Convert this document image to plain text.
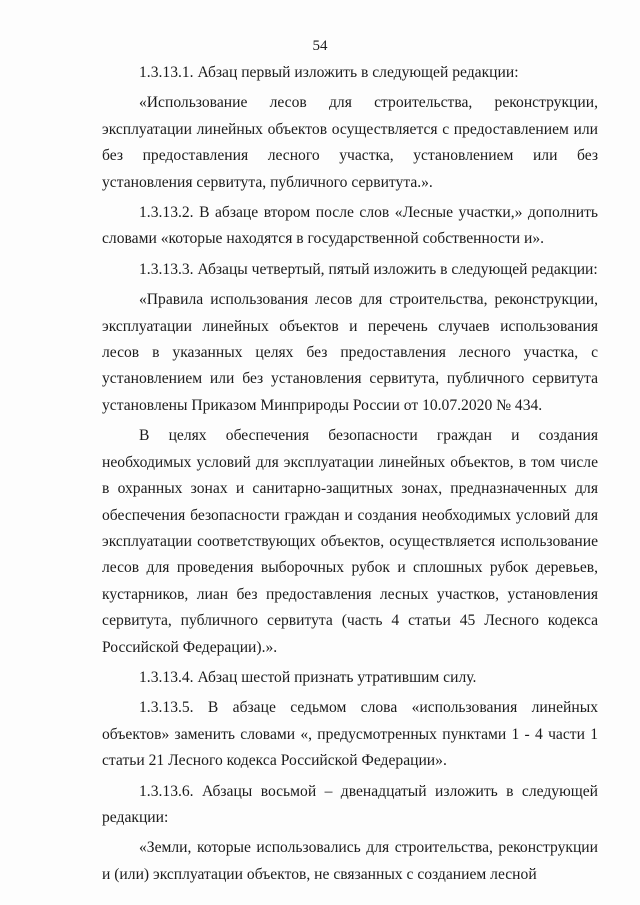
54

1.3.13.1. Абзац первый изложить в следующей редакции:

«Использование лесов для строительства, реконструкции, эксплуатации линейных объектов осуществляется с предоставлением или без предоставления лесного участка, установлением или без установления сервитута, публичного сервитута.».

1.3.13.2. В абзаце втором после слов «Лесные участки,» дополнить словами «которые находятся в государственной собственности и».

1.3.13.3. Абзацы четвертый, пятый изложить в следующей редакции:

«Правила использования лесов для строительства, реконструкции, эксплуатации линейных объектов и перечень случаев использования лесов в указанных целях без предоставления лесного участка, с установлением или без установления сервитута, публичного сервитута установлены Приказом Минприроды России от 10.07.2020 № 434.

В целях обеспечения безопасности граждан и создания необходимых условий для эксплуатации линейных объектов, в том числе в охранных зонах и санитарно-защитных зонах, предназначенных для обеспечения безопасности граждан и создания необходимых условий для эксплуатации соответствующих объектов, осуществляется использование лесов для проведения выборочных рубок и сплошных рубок деревьев, кустарников, лиан без предоставления лесных участков, установления сервитута, публичного сервитута (часть 4 статьи 45 Лесного кодекса Российской Федерации).».

1.3.13.4. Абзац шестой признать утратившим силу.

1.3.13.5. В абзаце седьмом слова «использования линейных объектов» заменить словами «, предусмотренных пунктами 1 - 4 части 1 статьи 21 Лесного кодекса Российской Федерации».

1.3.13.6. Абзацы восьмой – двенадцатый изложить в следующей редакции:

«Земли, которые использовались для строительства, реконструкции и (или) эксплуатации объектов, не связанных с созданием лесной
